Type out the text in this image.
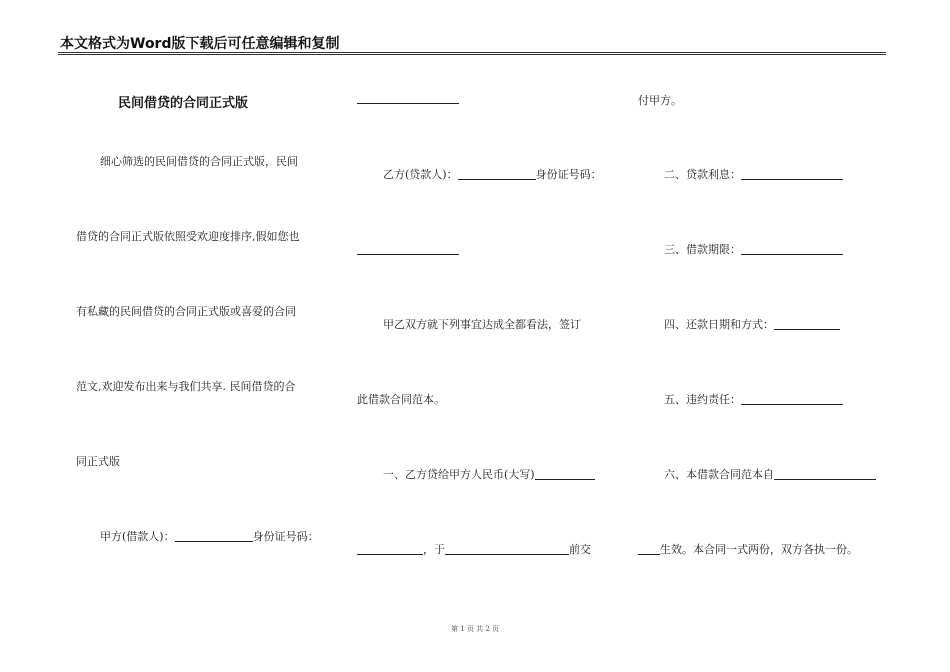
本文格式为Word版下载后可任意编辑和复制
民间借贷的合同正式版
细心筛选的民间借贷的合同正式版，民间
借贷的合同正式版依照受欢迎度排序,假如您也
有私藏的民间借贷的合同正式版或喜爱的合同
范文,欢迎发布出来与我们共享. 民间借贷的合
同正式版
甲方(借款人)：	身份证号码：
乙方(贷款人)：	身份证号码：
甲乙双方就下列事宜达成全都看法，签订
此借款合同范本。
一、乙方贷给甲方人民币(大写)
，于	前交
付甲方。
二、贷款利息：
三、借款期限：
四、还款日期和方式：
五、违约责任：
六、本借款合同范本自
生效。本合同一式两份，双方各执一份。
第 1 页 共 2 页
